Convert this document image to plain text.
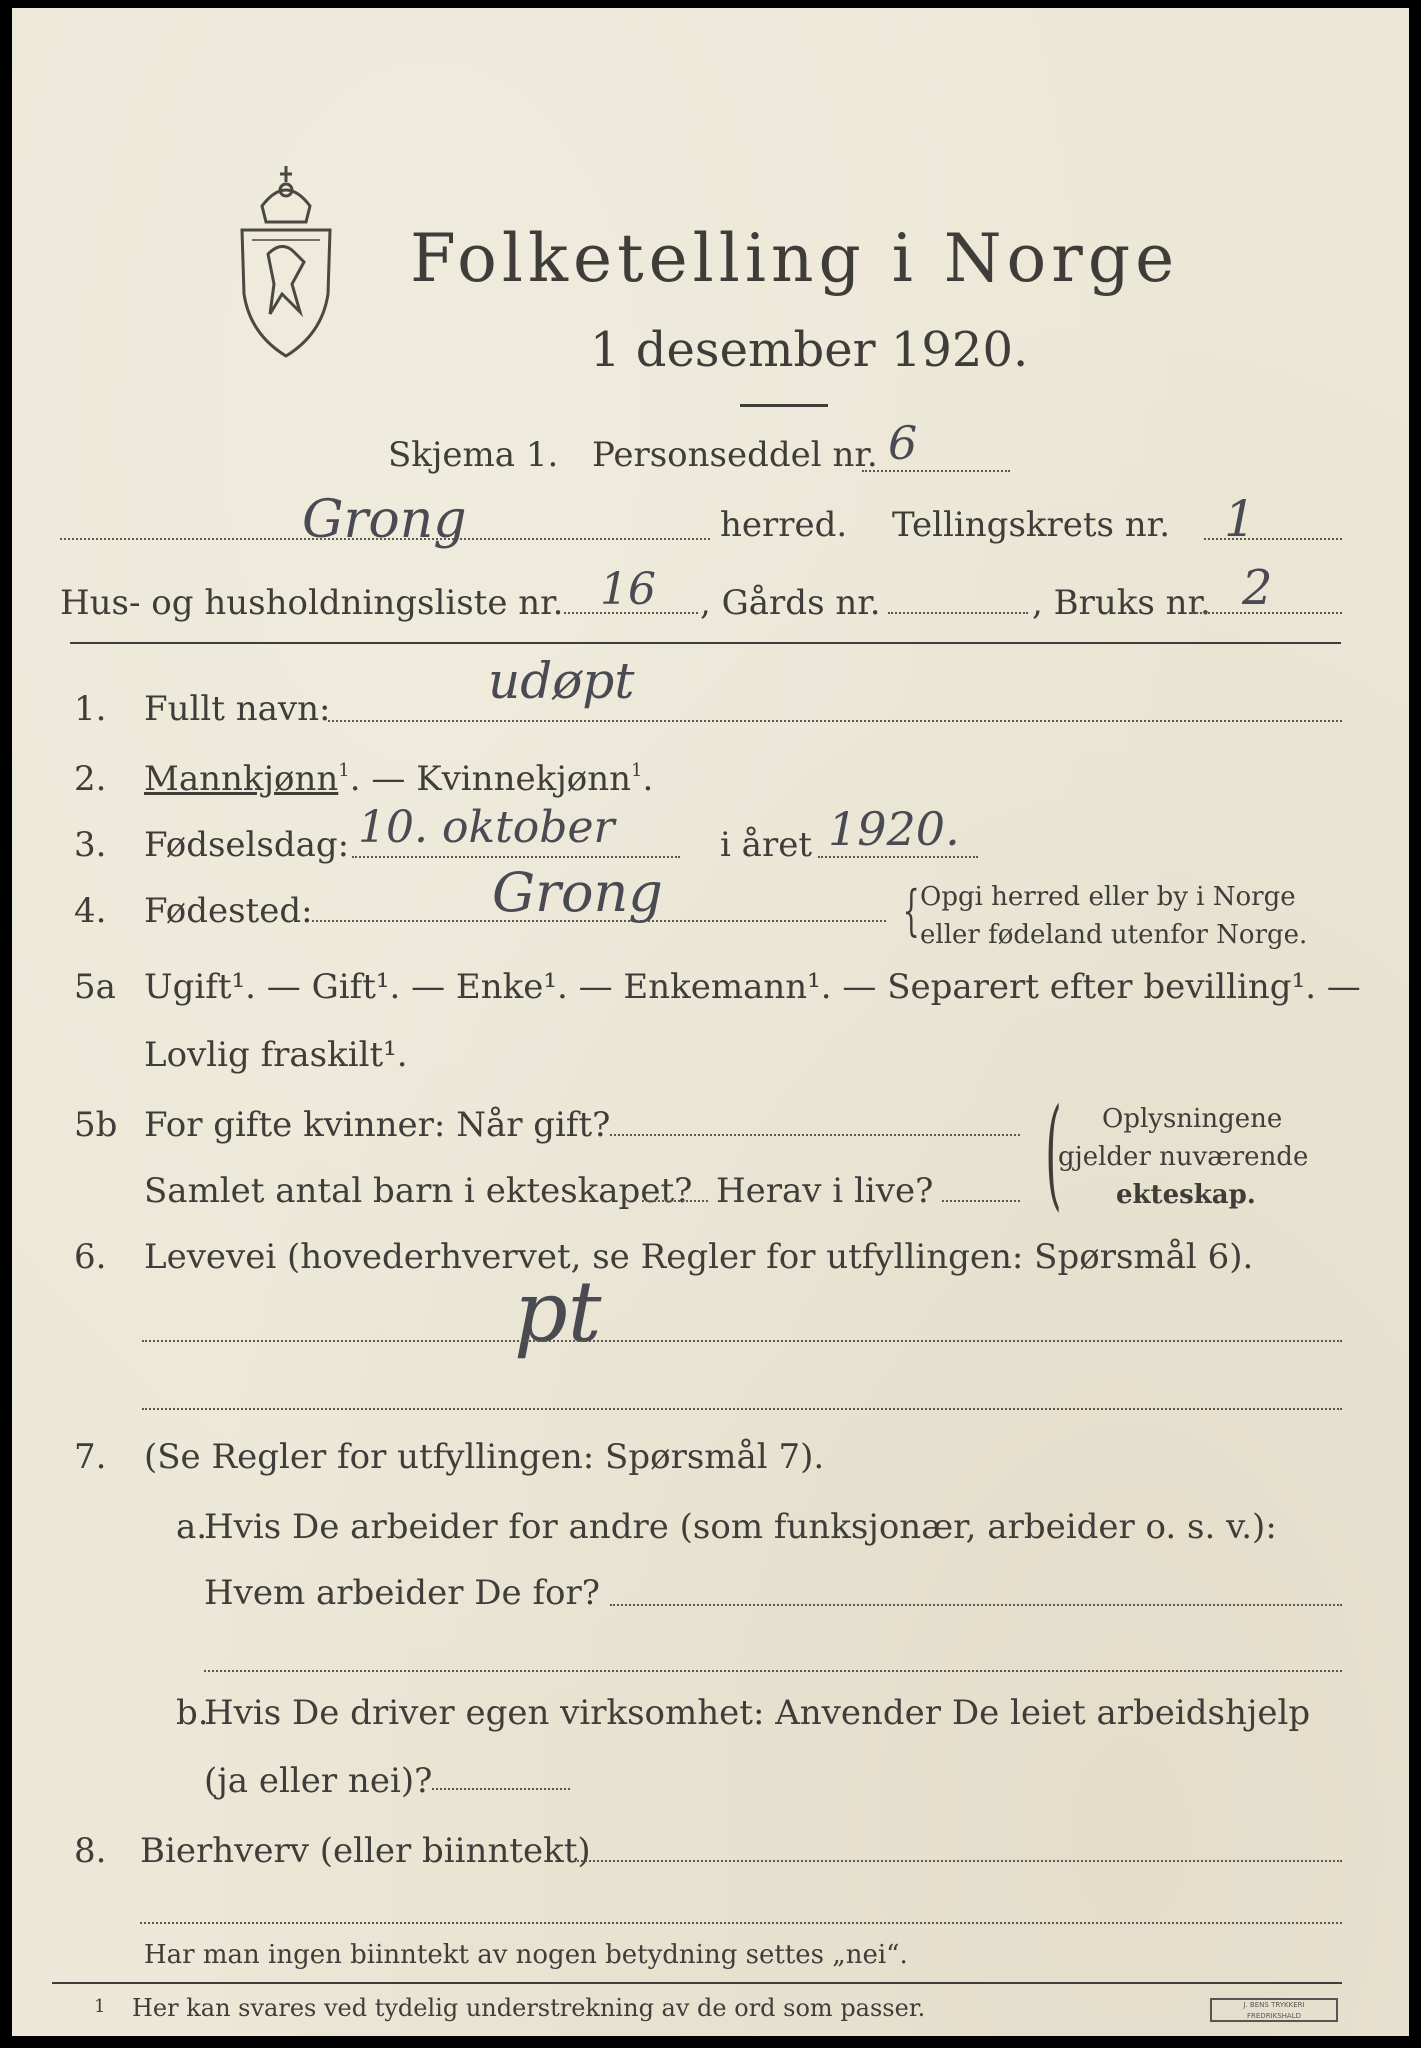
Folketelling i Norge
1 desember 1920.
Skjema 1. Personseddel nr. 6
Grong	herred. Tellingskrets nr. 1
Hus- og husholdningsliste nr. 16 , Gårds nr.	, Bruks nr. 2
1. Fullt navn:	udøpt
2. Mannkjønn$^1$. — Kvinnekjønn$^1$.
3. Fødselsdag: 10. oktober	i året 1920.
4. Fødested:	Grong	{ Opgi herred eller by i Norge
eller fødeland utenfor Norge.
5a Ugift¹. — Gift¹. — Enke¹. — Enkemann¹. — Separert efter bevilling¹. —
Lovlig fraskilt¹.
5b For gifte kvinner: Når gift?
Samlet antal barn i ekteskapet? Herav i live? ( Oplysningene
gjelder nuværende
ekteskap.
6. Levevei (hovederhvervet, se Regler for utfyllingen: Spørsmål 6).
pt
7. (Se Regler for utfyllingen: Spørsmål 7).
a.
Hvis De arbeider for andre (som funksjonær, arbeider o. s. v.):
Hvem arbeider De for?
b.
Hvis De driver egen virksomhet: Anvender De leiet arbeidshjelp
(ja eller nei)?
8. Bierhverv (eller biinntekt)
Har man ingen biinntekt av nogen betydning settes „nei“.
1 Her kan svares ved tydelig understrekning av de ord som passer.	J. BENS TRYKKERI
FREDRIKSHALD
